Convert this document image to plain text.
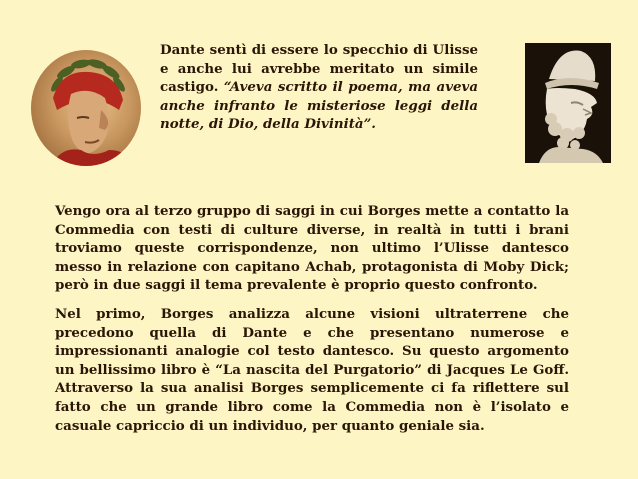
Dante sentì di essere lo specchio di Ulisse e anche lui avrebbe meritato un simile castigo. “Aveva scritto il poema, ma aveva anche infranto le misteriose leggi della notte, di Dio, della Divinità”.

Vengo ora al terzo gruppo di saggi in cui Borges mette a contatto la Commedia con testi di culture diverse, in realtà in tutti i brani troviamo queste corrispondenze, non ultimo l’Ulisse dantesco messo in relazione con capitano Achab, protagonista di Moby Dick; però in due saggi il tema prevalente è proprio questo confronto.

Nel primo, Borges analizza alcune visioni ultraterrene che precedono quella di Dante e che presentano numerose e impressionanti analogie col testo dantesco. Su questo argomento un bellissimo libro è “La nascita del Purgatorio” di Jacques Le Goff. Attraverso la sua analisi Borges semplicemente ci fa riflettere sul fatto che un grande libro come la Commedia non è l’isolato e casuale capriccio di un individuo, per quanto geniale sia.
